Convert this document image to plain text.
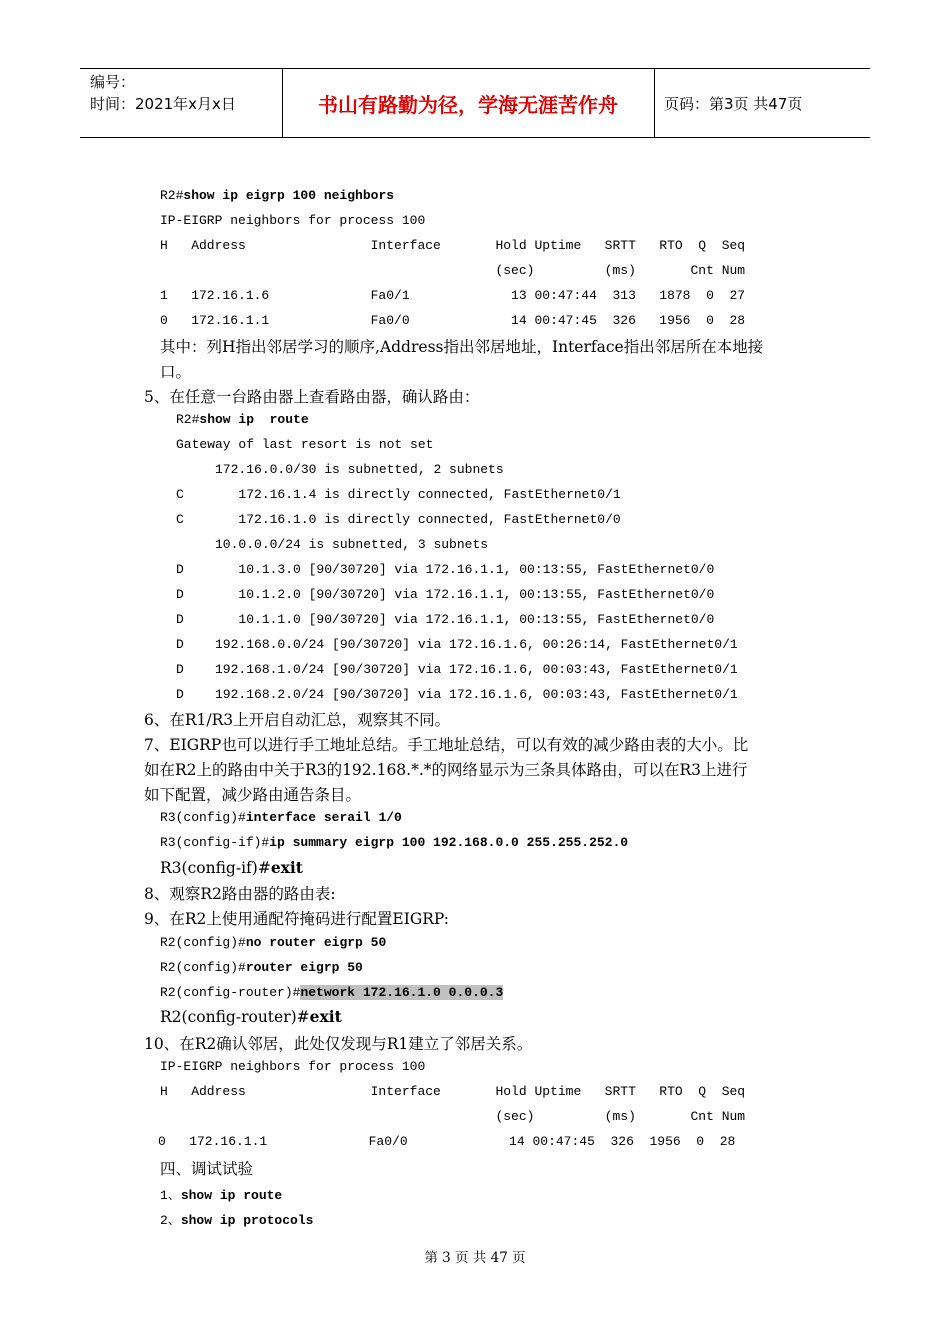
编号：
时间：2021年x月x日	书山有路勤为径，学海无涯苦作舟	页码：第3页 共47页
R2#show ip eigrp 100 neighbors
IP-EIGRP neighbors for process 100
H   Address                Interface       Hold Uptime   SRTT   RTO  Q  Seq
(sec)         (ms)       Cnt Num
1   172.16.1.6             Fa0/1             13 00:47:44  313   1878  0  27
0   172.16.1.1             Fa0/0             14 00:47:45  326   1956  0  28
其中：列H指出邻居学习的顺序,Address指出邻居地址，Interface指出邻居所在本地接
口。
5、在任意一台路由器上查看路由器，确认路由：
R2#show ip  route
Gateway of last resort is not set
172.16.0.0/30 is subnetted, 2 subnets
C       172.16.1.4 is directly connected, FastEthernet0/1
C       172.16.1.0 is directly connected, FastEthernet0/0
10.0.0.0/24 is subnetted, 3 subnets
D       10.1.3.0 [90/30720] via 172.16.1.1, 00:13:55, FastEthernet0/0
D       10.1.2.0 [90/30720] via 172.16.1.1, 00:13:55, FastEthernet0/0
D       10.1.1.0 [90/30720] via 172.16.1.1, 00:13:55, FastEthernet0/0
D    192.168.0.0/24 [90/30720] via 172.16.1.6, 00:26:14, FastEthernet0/1
D    192.168.1.0/24 [90/30720] via 172.16.1.6, 00:03:43, FastEthernet0/1
D    192.168.2.0/24 [90/30720] via 172.16.1.6, 00:03:43, FastEthernet0/1
6、在R1/R3上开启自动汇总，观察其不同。
7、EIGRP也可以进行手工地址总结。手工地址总结，可以有效的减少路由表的大小。比
如在R2上的路由中关于R3的192.168.*.*的网络显示为三条具体路由，可以在R3上进行
如下配置，减少路由通告条目。
R3(config)#interface serail 1/0
R3(config-if)#ip summary eigrp 100 192.168.0.0 255.255.252.0
R3(config-if)#exit
8、观察R2路由器的路由表:
9、在R2上使用通配符掩码进行配置EIGRP:
R2(config)#no router eigrp 50
R2(config)#router eigrp 50
R2(config-router)#network 172.16.1.0 0.0.0.3
R2(config-router)#exit
10、在R2确认邻居，此处仅发现与R1建立了邻居关系。
IP-EIGRP neighbors for process 100
H   Address                Interface       Hold Uptime   SRTT   RTO  Q  Seq
(sec)         (ms)       Cnt Num
0   172.16.1.1             Fa0/0             14 00:47:45  326  1956  0  28
四、调试试验
1、show ip route
2、show ip protocols
第 3 页 共 47 页
